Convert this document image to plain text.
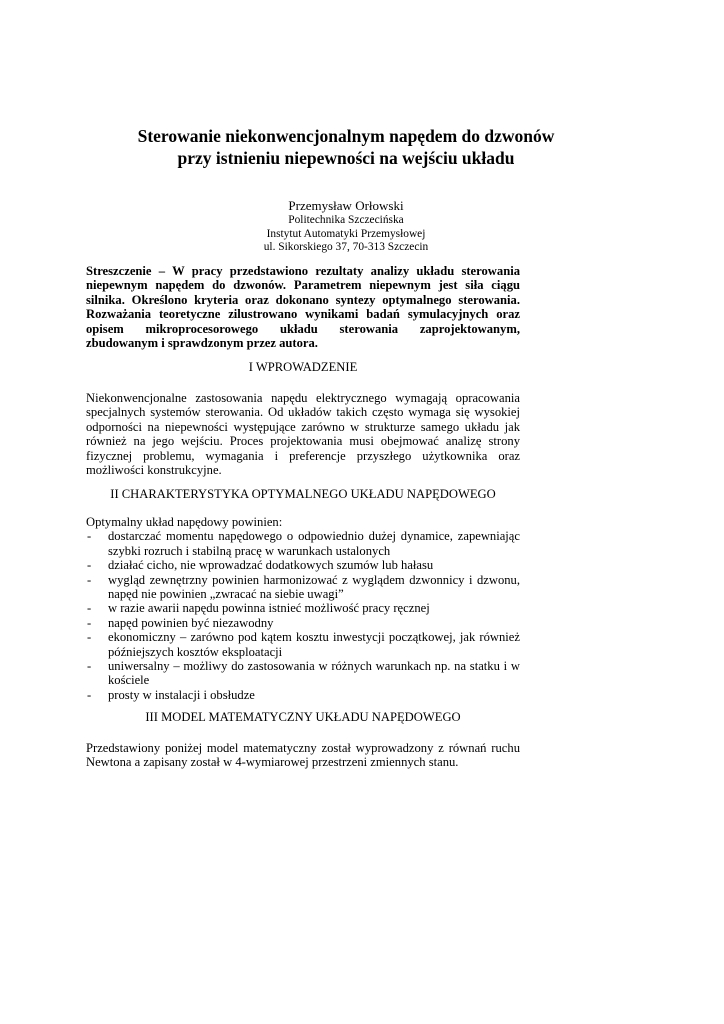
Sterowanie niekonwencjonalnym napędem do dzwonów
przy istnieniu niepewności na wejściu układu
Przemysław Orłowski
Politechnika Szczecińska
Instytut Automatyki Przemysłowej
ul. Sikorskiego 37, 70-313 Szczecin
Streszczenie – W pracy przedstawiono rezultaty analizy układu sterowania niepewnym napędem do dzwonów. Parametrem niepewnym jest siła ciągu silnika. Określono kryteria oraz dokonano syntezy optymalnego sterowania. Rozważania teoretyczne zilustrowano wynikami badań symulacyjnych oraz opisem mikroprocesorowego układu sterowania zaprojektowanym, zbudowanym i sprawdzonym przez autora.
I WPROWADZENIE
Niekonwencjonalne zastosowania napędu elektrycznego wymagają opracowania specjalnych systemów sterowania. Od układów takich często wymaga się wysokiej odporności na niepewności występujące zarówno w strukturze samego układu jak również na jego wejściu. Proces projektowania musi obejmować analizę strony fizycznej problemu, wymagania i preferencje przyszłego użytkownika oraz możliwości konstrukcyjne.
II CHARAKTERYSTYKA OPTYMALNEGO UKŁADU NAPĘDOWEGO

Optymalny układ napędowy powinien:

- dostarczać momentu napędowego o odpowiednio dużej dynamice, zapewniając szybki rozruch i stabilną pracę w warunkach ustalonych
- działać cicho, nie wprowadzać dodatkowych szumów lub hałasu
- wygląd zewnętrzny powinien harmonizować z wyglądem dzwonnicy i dzwonu, napęd nie powinien „zwracać na siebie uwagi”
- w razie awarii napędu powinna istnieć możliwość pracy ręcznej
- napęd powinien być niezawodny
- ekonomiczny – zarówno pod kątem kosztu inwestycji początkowej, jak również późniejszych kosztów eksploatacji
- uniwersalny – możliwy do zastosowania w różnych warunkach np. na statku i w kościele
- prosty w instalacji i obsłudze
III MODEL MATEMATYCZNY UKŁADU NAPĘDOWEGO
Przedstawiony poniżej model matematyczny został wyprowadzony z równań ruchu Newtona a zapisany został w 4-wymiarowej przestrzeni zmiennych stanu.
